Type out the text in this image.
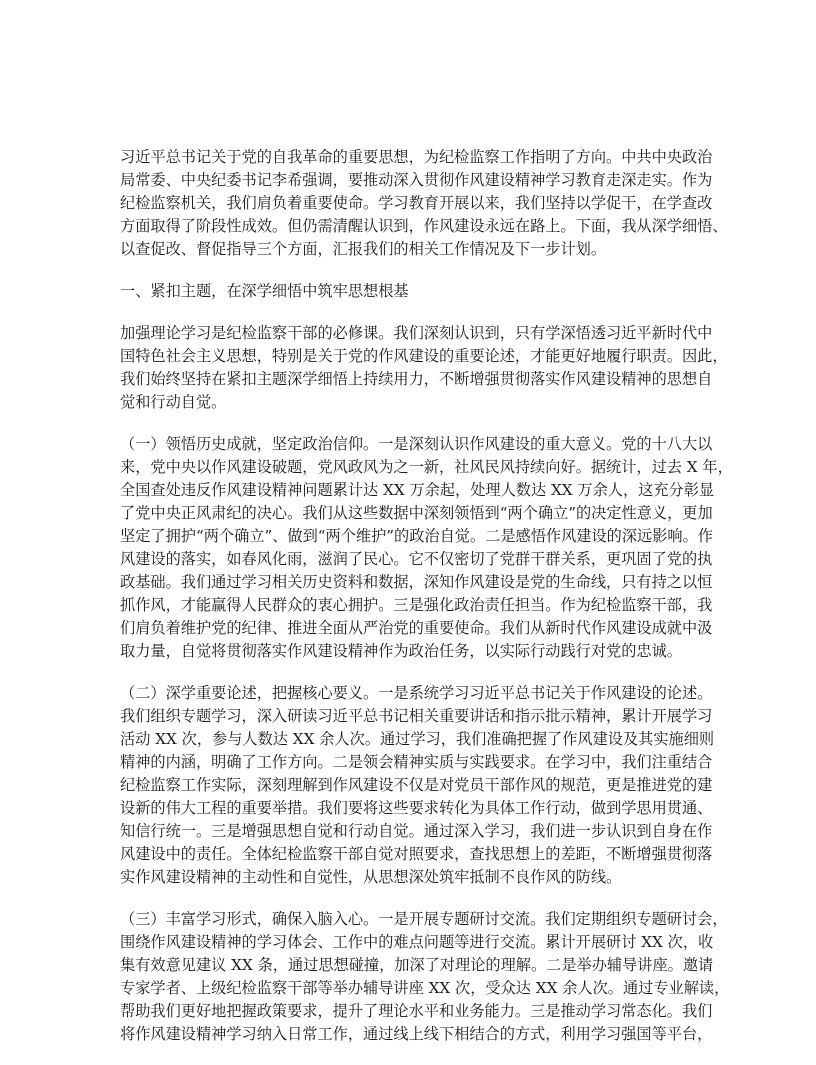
习近平总书记关于党的自我革命的重要思想，为纪检监察工作指明了方向。中共中央政治
局常委、中央纪委书记李希强调，要推动深入贯彻作风建设精神学习教育走深走实。作为
纪检监察机关，我们肩负着重要使命。学习教育开展以来，我们坚持以学促干，在学查改
方面取得了阶段性成效。但仍需清醒认识到，作风建设永远在路上。下面，我从深学细悟、
以查促改、督促指导三个方面，汇报我们的相关工作情况及下一步计划。
一、紧扣主题，在深学细悟中筑牢思想根基
加强理论学习是纪检监察干部的必修课。我们深刻认识到，只有学深悟透习近平新时代中
国特色社会主义思想，特别是关于党的作风建设的重要论述，才能更好地履行职责。因此，
我们始终坚持在紧扣主题深学细悟上持续用力，不断增强贯彻落实作风建设精神的思想自
觉和行动自觉。
（一）领悟历史成就，坚定政治信仰。一是深刻认识作风建设的重大意义。党的十八大以
来，党中央以作风建设破题，党风政风为之一新，社风民风持续向好。据统计，过去 X 年，
全国查处违反作风建设精神问题累计达 XX 万余起，处理人数达 XX 万余人，这充分彰显
了党中央正风肃纪的决心。我们从这些数据中深刻领悟到“两个确立”的决定性意义，更加
坚定了拥护“两个确立”、做到“两个维护”的政治自觉。二是感悟作风建设的深远影响。作
风建设的落实，如春风化雨，滋润了民心。它不仅密切了党群干群关系，更巩固了党的执
政基础。我们通过学习相关历史资料和数据，深知作风建设是党的生命线，只有持之以恒
抓作风，才能赢得人民群众的衷心拥护。三是强化政治责任担当。作为纪检监察干部，我
们肩负着维护党的纪律、推进全面从严治党的重要使命。我们从新时代作风建设成就中汲
取力量，自觉将贯彻落实作风建设精神作为政治任务，以实际行动践行对党的忠诚。
（二）深学重要论述，把握核心要义。一是系统学习习近平总书记关于作风建设的论述。
我们组织专题学习，深入研读习近平总书记相关重要讲话和指示批示精神，累计开展学习
活动 XX 次，参与人数达 XX 余人次。通过学习，我们准确把握了作风建设及其实施细则
精神的内涵，明确了工作方向。二是领会精神实质与实践要求。在学习中，我们注重结合
纪检监察工作实际，深刻理解到作风建设不仅是对党员干部作风的规范，更是推进党的建
设新的伟大工程的重要举措。我们要将这些要求转化为具体工作行动，做到学思用贯通、
知信行统一。三是增强思想自觉和行动自觉。通过深入学习，我们进一步认识到自身在作
风建设中的责任。全体纪检监察干部自觉对照要求，查找思想上的差距，不断增强贯彻落
实作风建设精神的主动性和自觉性，从思想深处筑牢抵制不良作风的防线。
（三）丰富学习形式，确保入脑入心。一是开展专题研讨交流。我们定期组织专题研讨会，
围绕作风建设精神的学习体会、工作中的难点问题等进行交流。累计开展研讨 XX 次，收
集有效意见建议 XX 条，通过思想碰撞，加深了对理论的理解。二是举办辅导讲座。邀请
专家学者、上级纪检监察干部等举办辅导讲座 XX 次，受众达 XX 余人次。通过专业解读，
帮助我们更好地把握政策要求，提升了理论水平和业务能力。三是推动学习常态化。我们
将作风建设精神学习纳入日常工作，通过线上线下相结合的方式，利用学习强国等平台，
